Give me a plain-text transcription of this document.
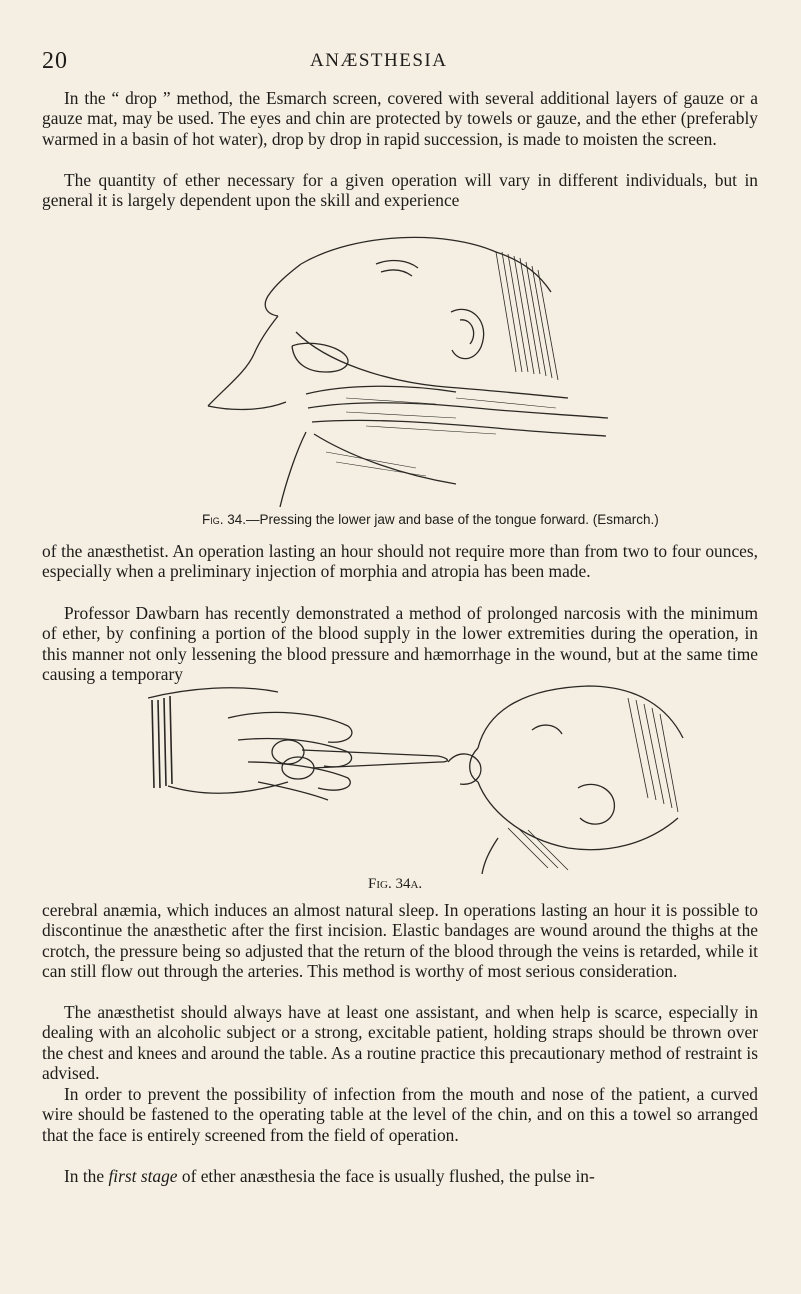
20	ANÆSTHESIA

In the “ drop ” method, the Esmarch screen, covered with several additional layers of gauze or a gauze mat, may be used. The eyes and chin are protected by towels or gauze, and the ether (preferably warmed in a basin of hot water), drop by drop in rapid succession, is made to moisten the screen.

The quantity of ether necessary for a given operation will vary in different individuals, but in general it is largely dependent upon the skill and experience

Fig. 34.—Pressing the lower jaw and base of the tongue forward. (Esmarch.)

of the anæsthetist. An operation lasting an hour should not require more than from two to four ounces, especially when a preliminary injection of morphia and atropia has been made.

Professor Dawbarn has recently demonstrated a method of prolonged narcosis with the minimum of ether, by confining a portion of the blood supply in the lower extremities during the operation, in this manner not only lessening the blood pressure and hæmorrhage in the wound, but at the same time causing a temporary

Fig. 34a.

cerebral anæmia, which induces an almost natural sleep. In operations lasting an hour it is possible to discontinue the anæsthetic after the first incision. Elastic bandages are wound around the thighs at the crotch, the pressure being so adjusted that the return of the blood through the veins is retarded, while it can still flow out through the arteries. This method is worthy of most serious consideration.

The anæsthetist should always have at least one assistant, and when help is scarce, especially in dealing with an alcoholic subject or a strong, excitable patient, holding straps should be thrown over the chest and knees and around the table. As a routine practice this precautionary method of restraint is advised.

In order to prevent the possibility of infection from the mouth and nose of the patient, a curved wire should be fastened to the operating table at the level of the chin, and on this a towel so arranged that the face is entirely screened from the field of operation.

In the first stage of ether anæsthesia the face is usually flushed, the pulse in-
